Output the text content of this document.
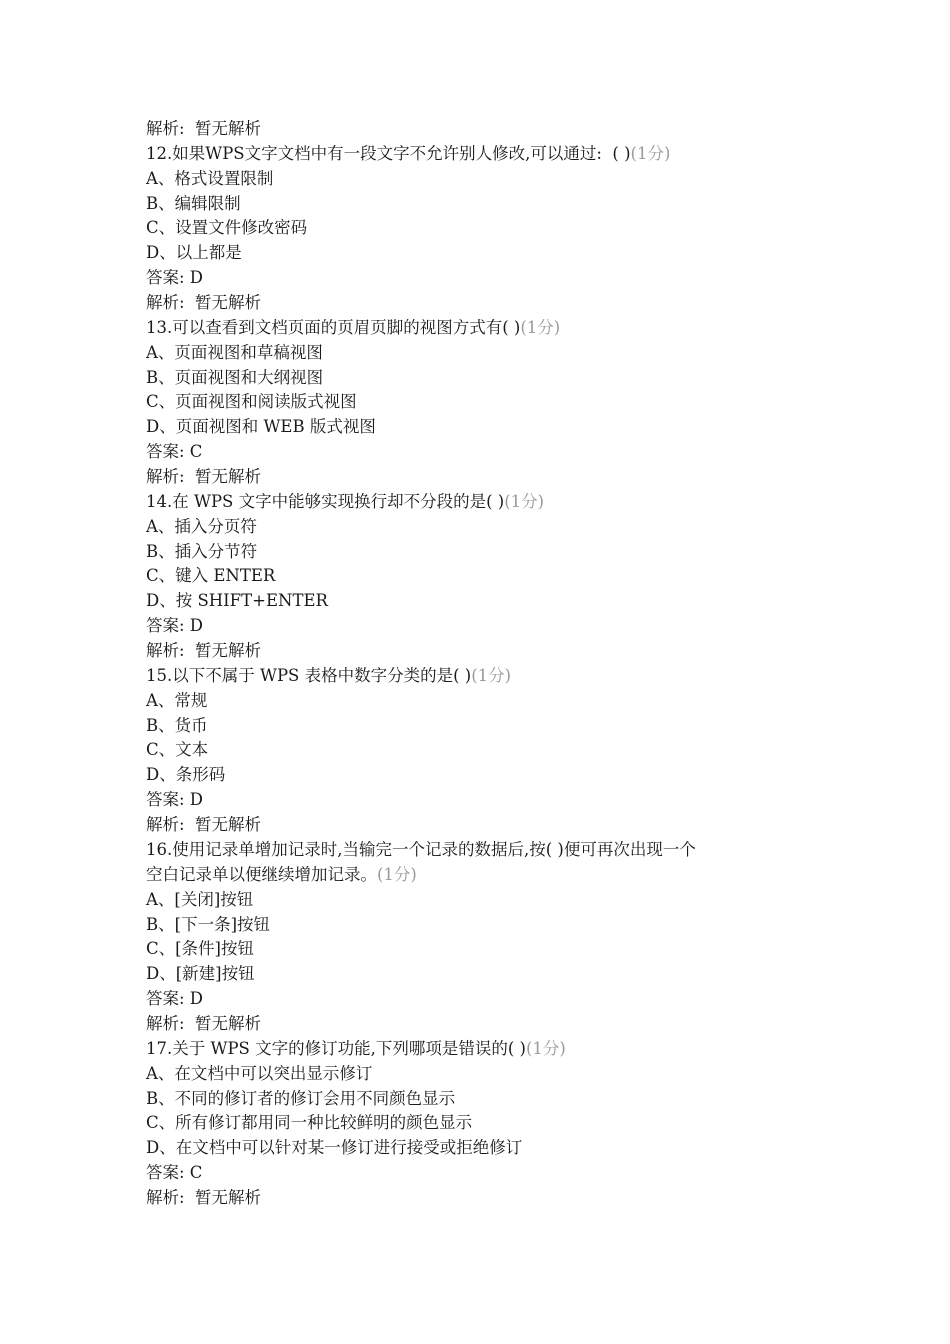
解析:  暂无解析
12.如果WPS文字文档中有一段文字不允许别人修改,可以通过:  ( )(1分)
A、格式设置限制
B、编辑限制
C、设置文件修改密码
D、以上都是
答案: D
解析:  暂无解析
13.可以查看到文档页面的页眉页脚的视图方式有( )(1分)
A、页面视图和草稿视图
B、页面视图和大纲视图
C、页面视图和阅读版式视图
D、页面视图和 WEB 版式视图
答案: C
解析:  暂无解析
14.在 WPS 文字中能够实现换行却不分段的是( )(1分)
A、插入分页符
B、插入分节符
C、键入 ENTER
D、按 SHIFT+ENTER
答案: D
解析:  暂无解析
15.以下不属于 WPS 表格中数字分类的是( )(1分)
A、常规
B、货币
C、文本
D、条形码
答案: D
解析:  暂无解析
16.使用记录单增加记录时,当输完一个记录的数据后,按( )便可再次出现一个
空白记录单以便继续增加记录。(1分)
A、[关闭]按钮
B、[下一条]按钮
C、[条件]按钮
D、[新建]按钮
答案: D
解析:  暂无解析
17.关于 WPS 文字的修订功能,下列哪项是错误的( )(1分)
A、在文档中可以突出显示修订
B、不同的修订者的修订会用不同颜色显示
C、所有修订都用同一种比较鲜明的颜色显示
D、在文档中可以针对某一修订进行接受或拒绝修订
答案: C
解析:  暂无解析
